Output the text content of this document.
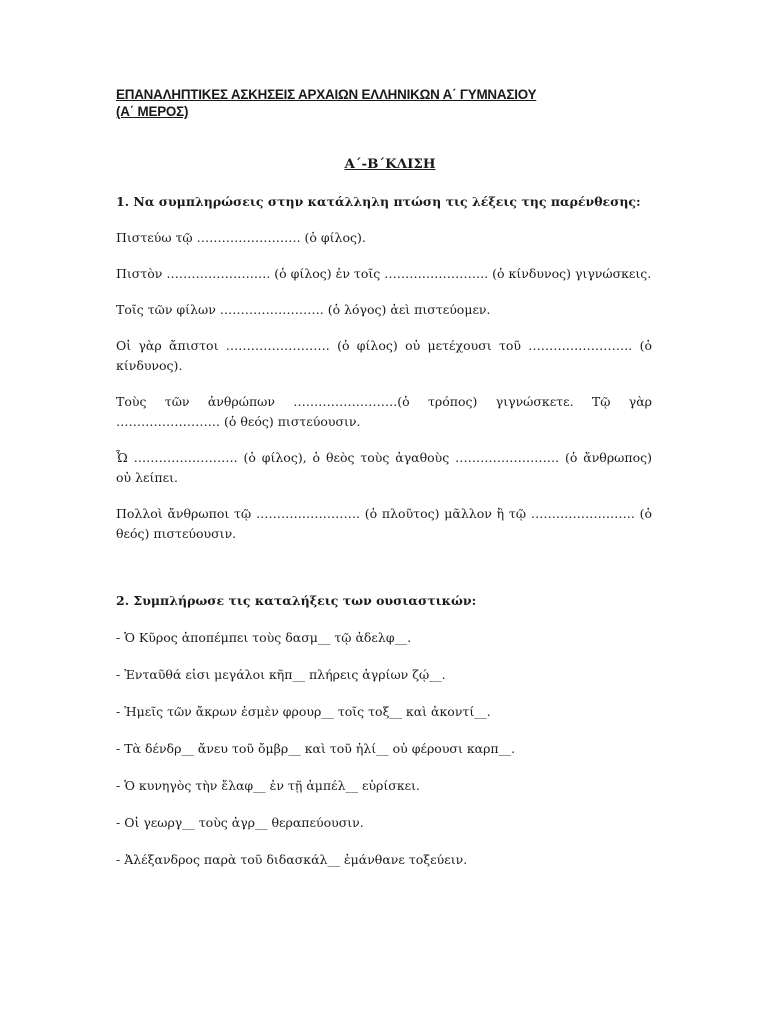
ΕΠΑΝΑΛΗΠΤΙΚΕΣ ΑΣΚΗΣΕΙΣ ΑΡΧΑΙΩΝ ΕΛΛΗΝΙΚΩΝ Α΄ ΓΥΜΝΑΣΙΟΥ
(Α΄ ΜΕΡΟΣ)
Α΄-Β΄ΚΛΙΣΗ
1. Να συμπληρώσεις στην κατάλληλη πτώση τις λέξεις της παρένθεσης:
Πιστεύω τῷ ……………………. (ὁ φίλος).
Πιστὸν ……………………. (ὁ φίλος) ἐν τοῖς ……………………. (ὁ κίνδυνος) γιγνώσκεις.
Τοῖς τῶν φίλων ……………………. (ὁ λόγος) ἀεὶ πιστεύομεν.
Οἱ γὰρ ἄπιστοι ……………………. (ὁ φίλος) οὐ μετέχουσι τοῦ ……………………. (ὁ κίνδυνος).
Τοὺς τῶν ἀνθρώπων …………………….(ὁ τρόπος) γιγνώσκετε. Τῷ γὰρ ……………………. (ὁ θεός) πιστεύουσιν.
Ὦ ……………………. (ὁ φίλος), ὁ θεὸς τοὺς ἀγαθοὺς ……………………. (ὁ ἄνθρωπος) οὐ λείπει.
Πολλοὶ ἄνθρωποι τῷ ……………………. (ὁ πλοῦτος) μᾶλλον ἢ τῷ ……………………. (ὁ θεός) πιστεύουσιν.
2. Συμπλήρωσε τις καταλήξεις των ουσιαστικών:
- Ὁ Κῦρος ἀποπέμπει τοὺς δασμ__ τῷ ἀδελφ__.
- Ἐνταῦθά εἰσι μεγάλοι κῆπ__ πλήρεις ἀγρίων ζῴ__.
- Ἡμεῖς τῶν ἄκρων ἐσμὲν φρουρ__ τοῖς τοξ__ καὶ ἀκοντί__.
- Τὰ δένδρ__ ἄνευ τοῦ ὄμβρ__ καὶ τοῦ ἡλί__ οὐ φέρουσι καρπ__.
- Ὁ κυνηγὸς τὴν ἔλαφ__ ἐν τῇ ἀμπέλ__ εὑρίσκει.
- Οἱ γεωργ__ τοὺς ἀγρ__ θεραπεύουσιν.
- Ἀλέξανδρος παρὰ τοῦ διδασκάλ__ ἐμάνθανε τοξεύειν.
